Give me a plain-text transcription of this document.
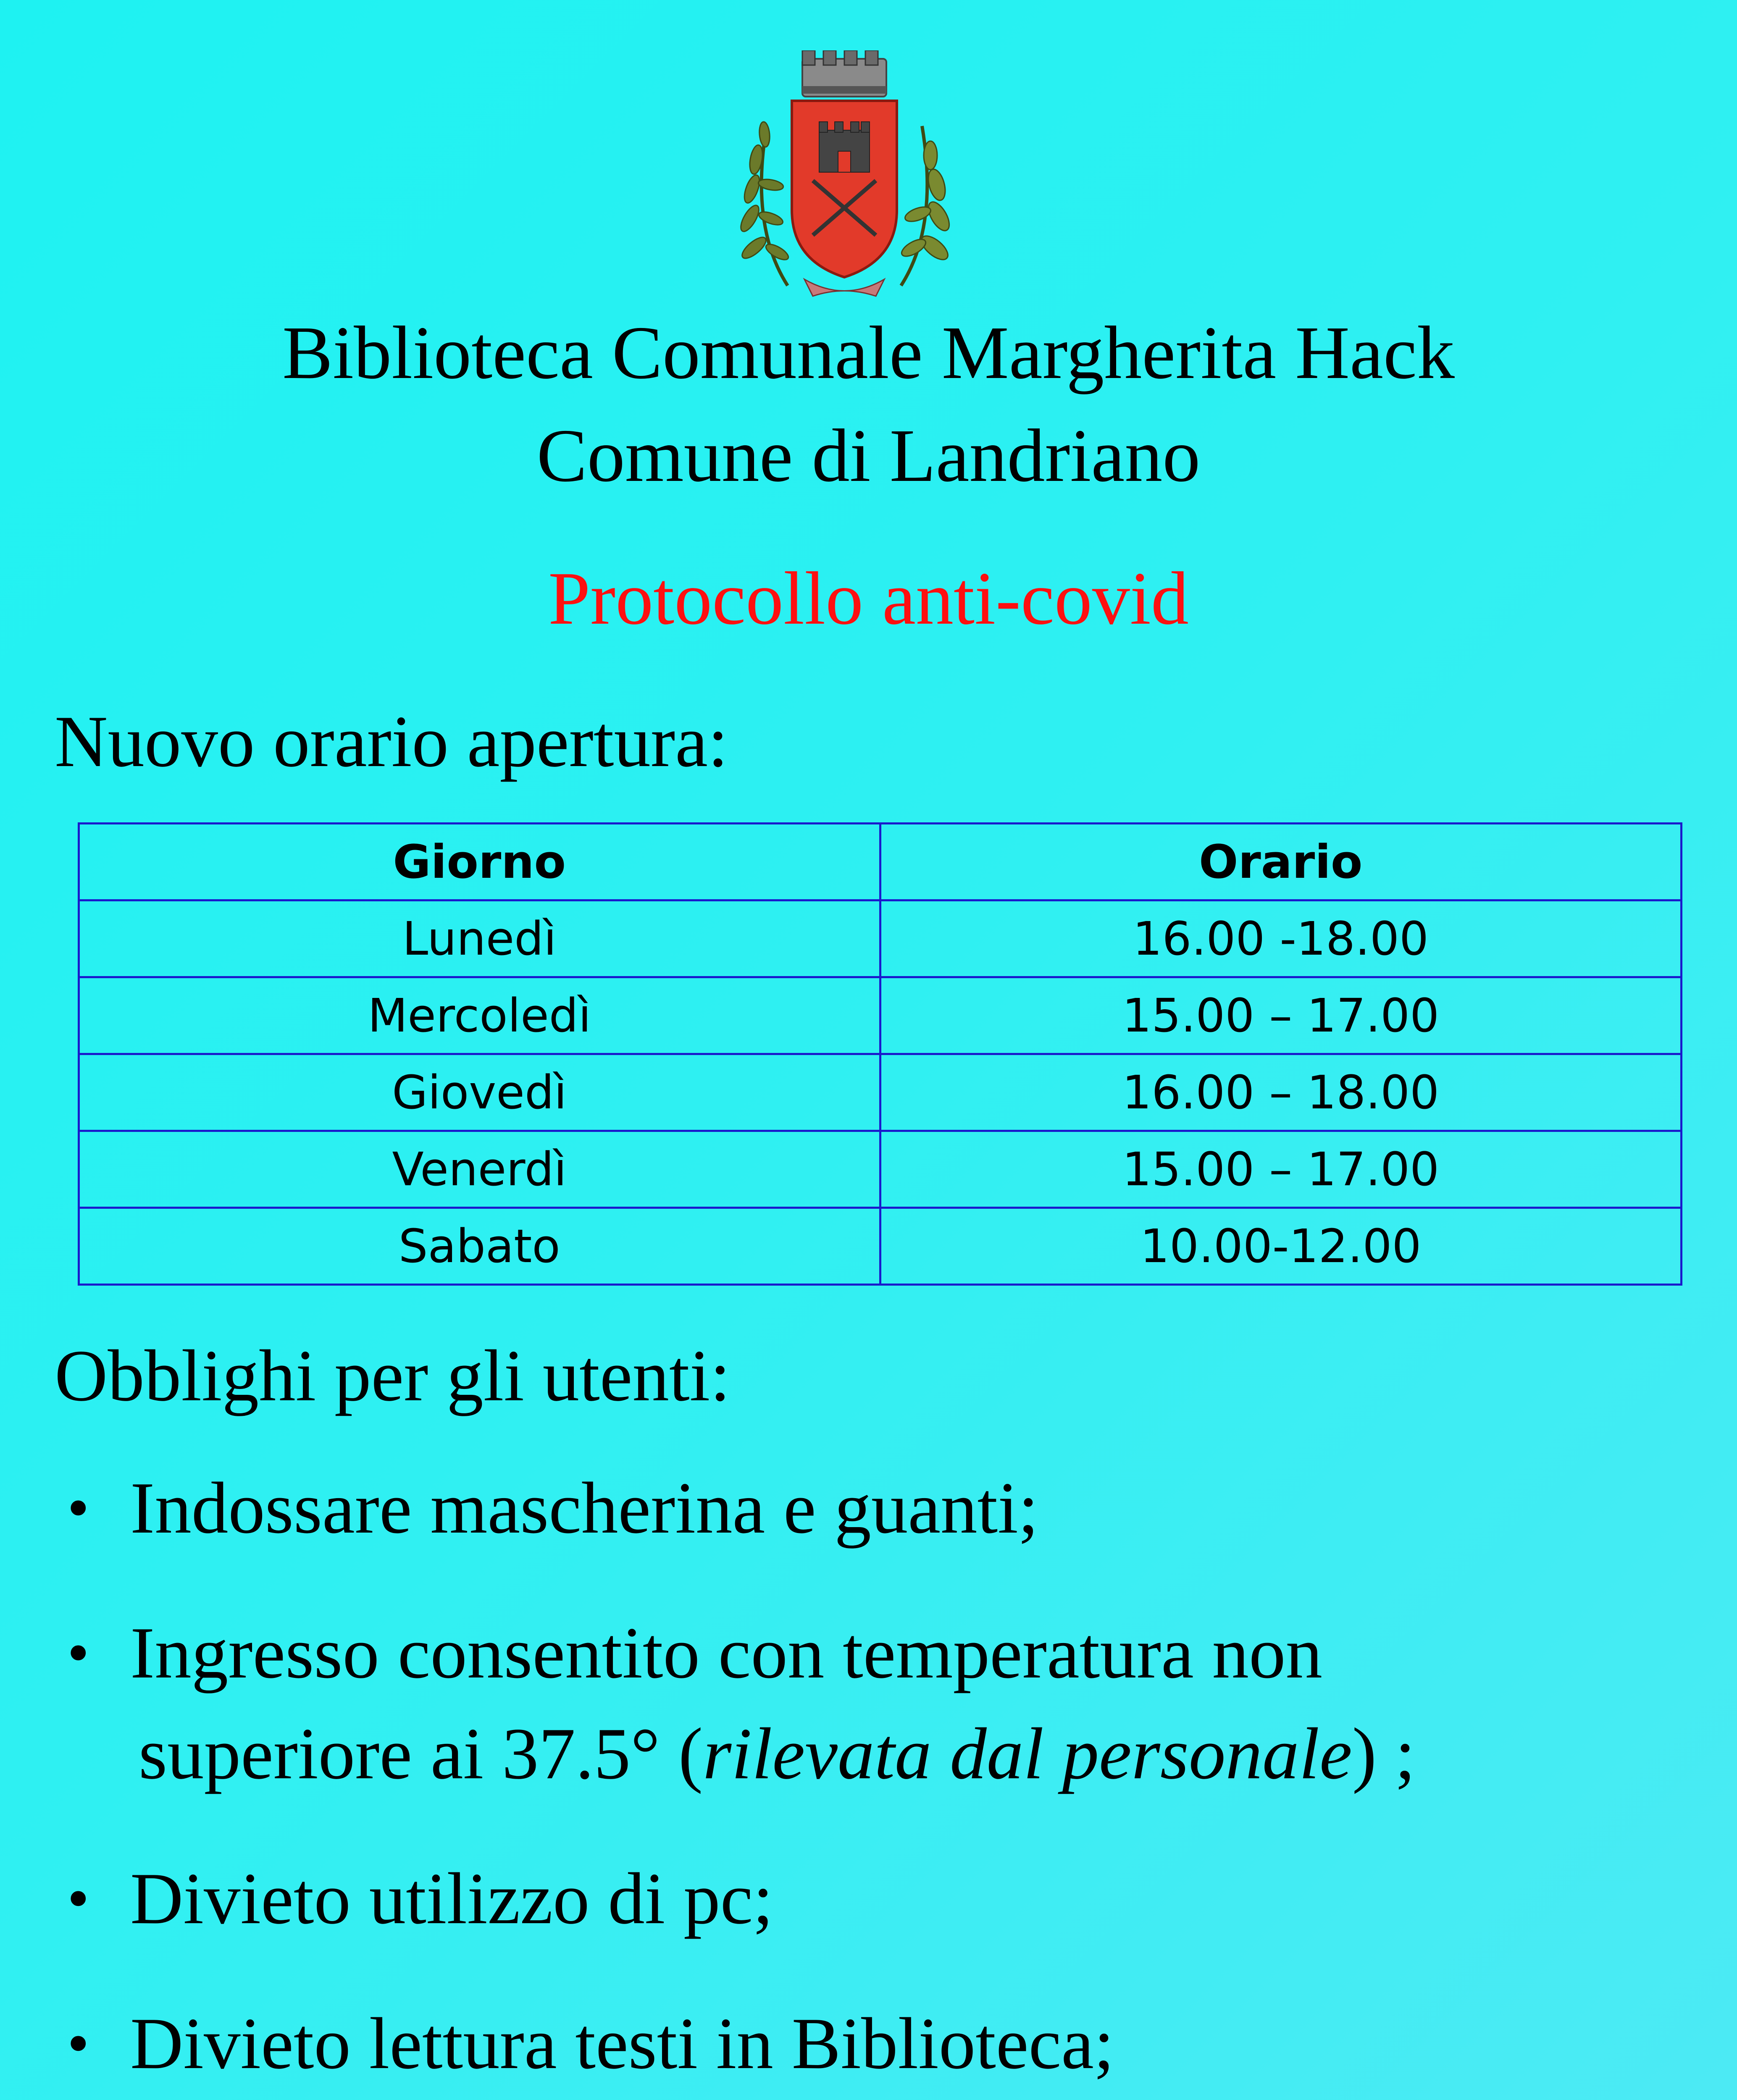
Biblioteca Comunale Margherita Hack
Comune di Landriano
Protocollo anti-covid
Nuovo orario apertura:
Giorno	Orario
Lunedì	16.00 -18.00
Mercoledì	15.00 – 17.00
Giovedì	16.00 – 18.00
Venerdì	15.00 – 17.00
Sabato	10.00-12.00
Obblighi per gli utenti:
• Indossare mascherina e guanti;
• Ingresso consentito con temperatura non
superiore ai 37.5° (rilevata dal personale) ;
• Divieto utilizzo di pc;
• Divieto lettura testi in Biblioteca;
